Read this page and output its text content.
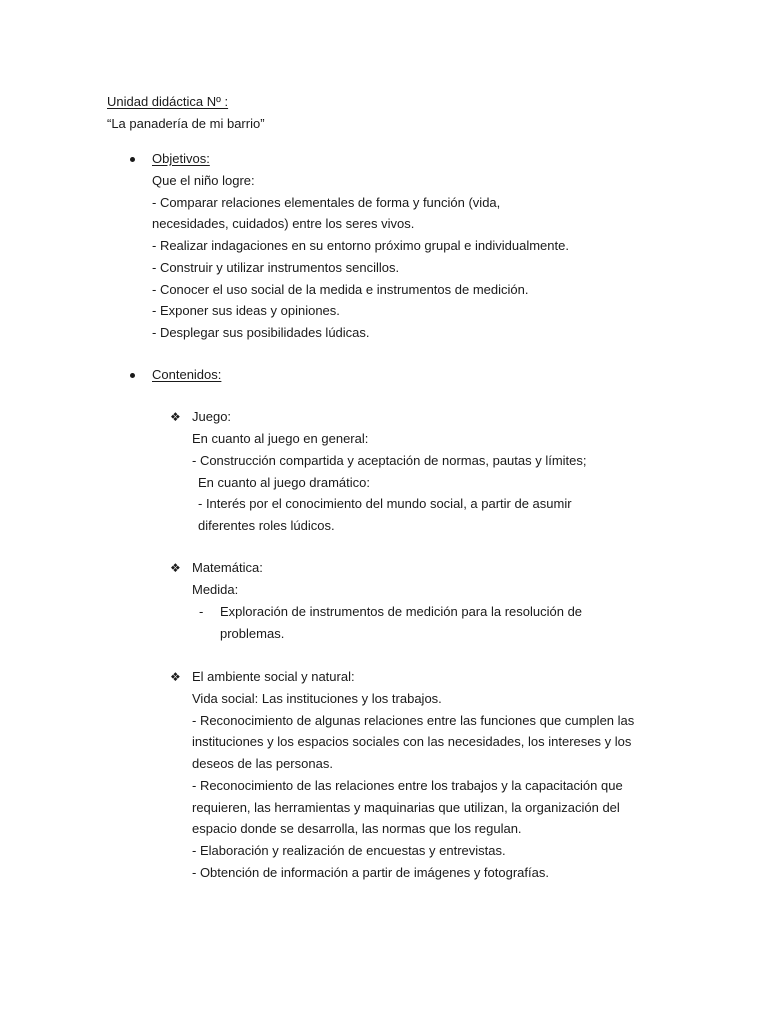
Unidad didáctica Nº :
“La panadería de mi barrio”
Objetivos:
Que el niño logre:
- Comparar relaciones elementales de forma y función (vida,
necesidades, cuidados) entre los seres vivos.
- Realizar indagaciones en su entorno próximo grupal e individualmente.
- Construir y utilizar instrumentos sencillos.
- Conocer el uso social de la medida e instrumentos de medición.
- Exponer sus ideas y opiniones.
- Desplegar sus posibilidades lúdicas.
Contenidos:
❖ Juego:
En cuanto al juego en general:
- Construcción compartida y aceptación de normas, pautas y límites;
En cuanto al juego dramático:
- Interés por el conocimiento del mundo social, a partir de asumir
diferentes roles lúdicos.
❖ Matemática:
Medida:
- Exploración de instrumentos de medición para la resolución de
problemas.
❖ El ambiente social y natural:
Vida social: Las instituciones y los trabajos.
- Reconocimiento de algunas relaciones entre las funciones que cumplen las
instituciones y los espacios sociales con las necesidades, los intereses y los
deseos de las personas.
- Reconocimiento de las relaciones entre los trabajos y la capacitación que
requieren, las herramientas y maquinarias que utilizan, la organización del
espacio donde se desarrolla, las normas que los regulan.
- Elaboración y realización de encuestas y entrevistas.
- Obtención de información a partir de imágenes y fotografías.
